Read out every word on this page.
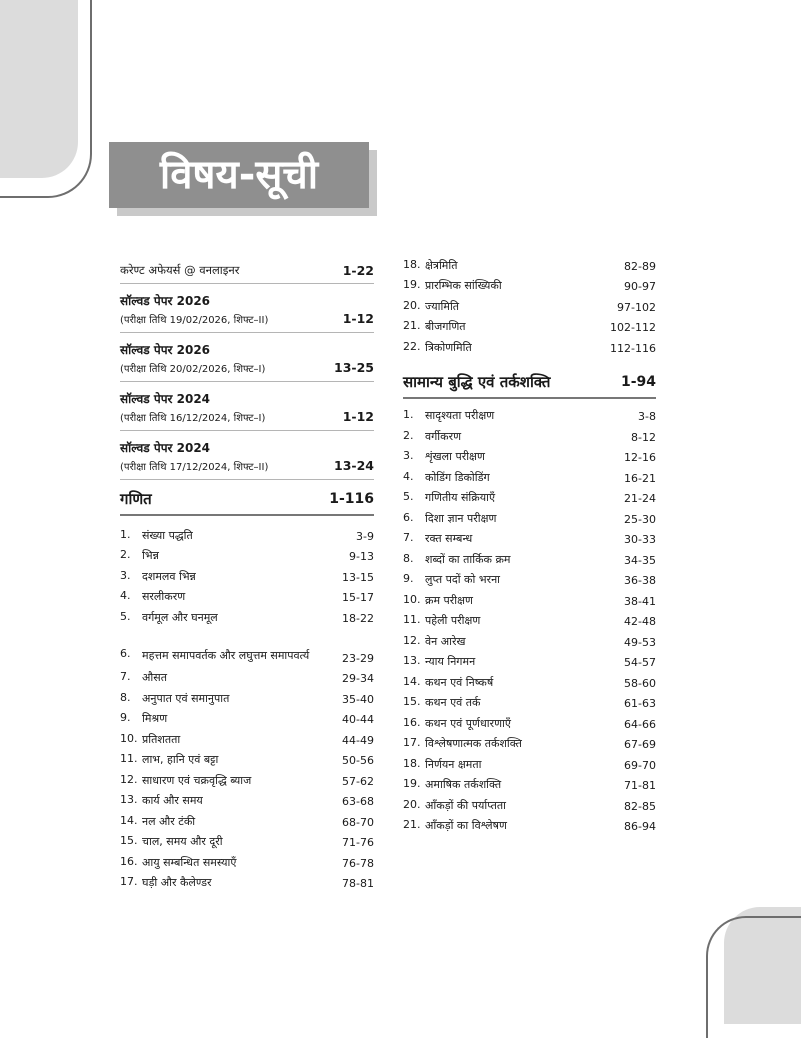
विषय-सूची
करेण्ट अफेयर्स @ वनलाइनर	1-22
सॉल्वड पेपर 2026
(परीक्षा तिथि 19/02/2026, शिफ्ट–II)	1-12
सॉल्वड पेपर 2026
(परीक्षा तिथि 20/02/2026, शिफ्ट–I)	13-25
सॉल्वड पेपर 2024
(परीक्षा तिथि 16/12/2024, शिफ्ट–I)	1-12
सॉल्वड पेपर 2024
(परीक्षा तिथि 17/12/2024, शिफ्ट–II)	13-24
गणित	1-116
1.	संख्या पद्धति	3-9
2.	भिन्न	9-13
3.	दशमलव भिन्न	13-15
4.	सरलीकरण	15-17
5.	वर्गमूल और घनमूल	18-22
6.	महत्तम समापवर्तक और लघुत्तम समापवर्त्य	23-29
7.	औसत	29-34
8.	अनुपात एवं समानुपात	35-40
9.	मिश्रण	40-44
10. प्रतिशतता	44-49
11. लाभ, हानि एवं बट्टा	50-56
12. साधारण एवं चक्रवृद्धि ब्याज	57-62
13. कार्य और समय	63-68
14. नल और टंकी	68-70
15. चाल, समय और दूरी	71-76
16. आयु सम्बन्धित समस्याएँ	76-78
17. घड़ी और कैलेण्डर	78-81
18. क्षेत्रमिति	82-89
19. प्रारम्भिक सांख्यिकी	90-97
20. ज्यामिति	97-102
21. बीजगणित	102-112
22. त्रिकोणमिति	112-116
सामान्य बुद्धि एवं तर्कशक्ति	1-94
1.	सादृश्यता परीक्षण	3-8
2.	वर्गीकरण	8-12
3.	शृंखला परीक्षण	12-16
4.	कोडिंग डिकोडिंग	16-21
5.	गणितीय संक्रियाएँ	21-24
6.	दिशा ज्ञान परीक्षण	25-30
7.	रक्त सम्बन्ध	30-33
8.	शब्दों का तार्किक क्रम	34-35
9.	लुप्त पदों को भरना	36-38
10. क्रम परीक्षण	38-41
11. पहेली परीक्षण	42-48
12. वेन आरेख	49-53
13. न्याय निगमन	54-57
14. कथन एवं निष्कर्ष	58-60
15. कथन एवं तर्क	61-63
16. कथन एवं पूर्णधारणाएँ	64-66
17. विश्लेषणात्मक तर्कशक्ति	67-69
18. निर्णयन क्षमता	69-70
19. अमाषिक तर्कशक्ति	71-81
20. आँकड़ों की पर्याप्तता	82-85
21. आँकड़ों का विश्लेषण	86-94
